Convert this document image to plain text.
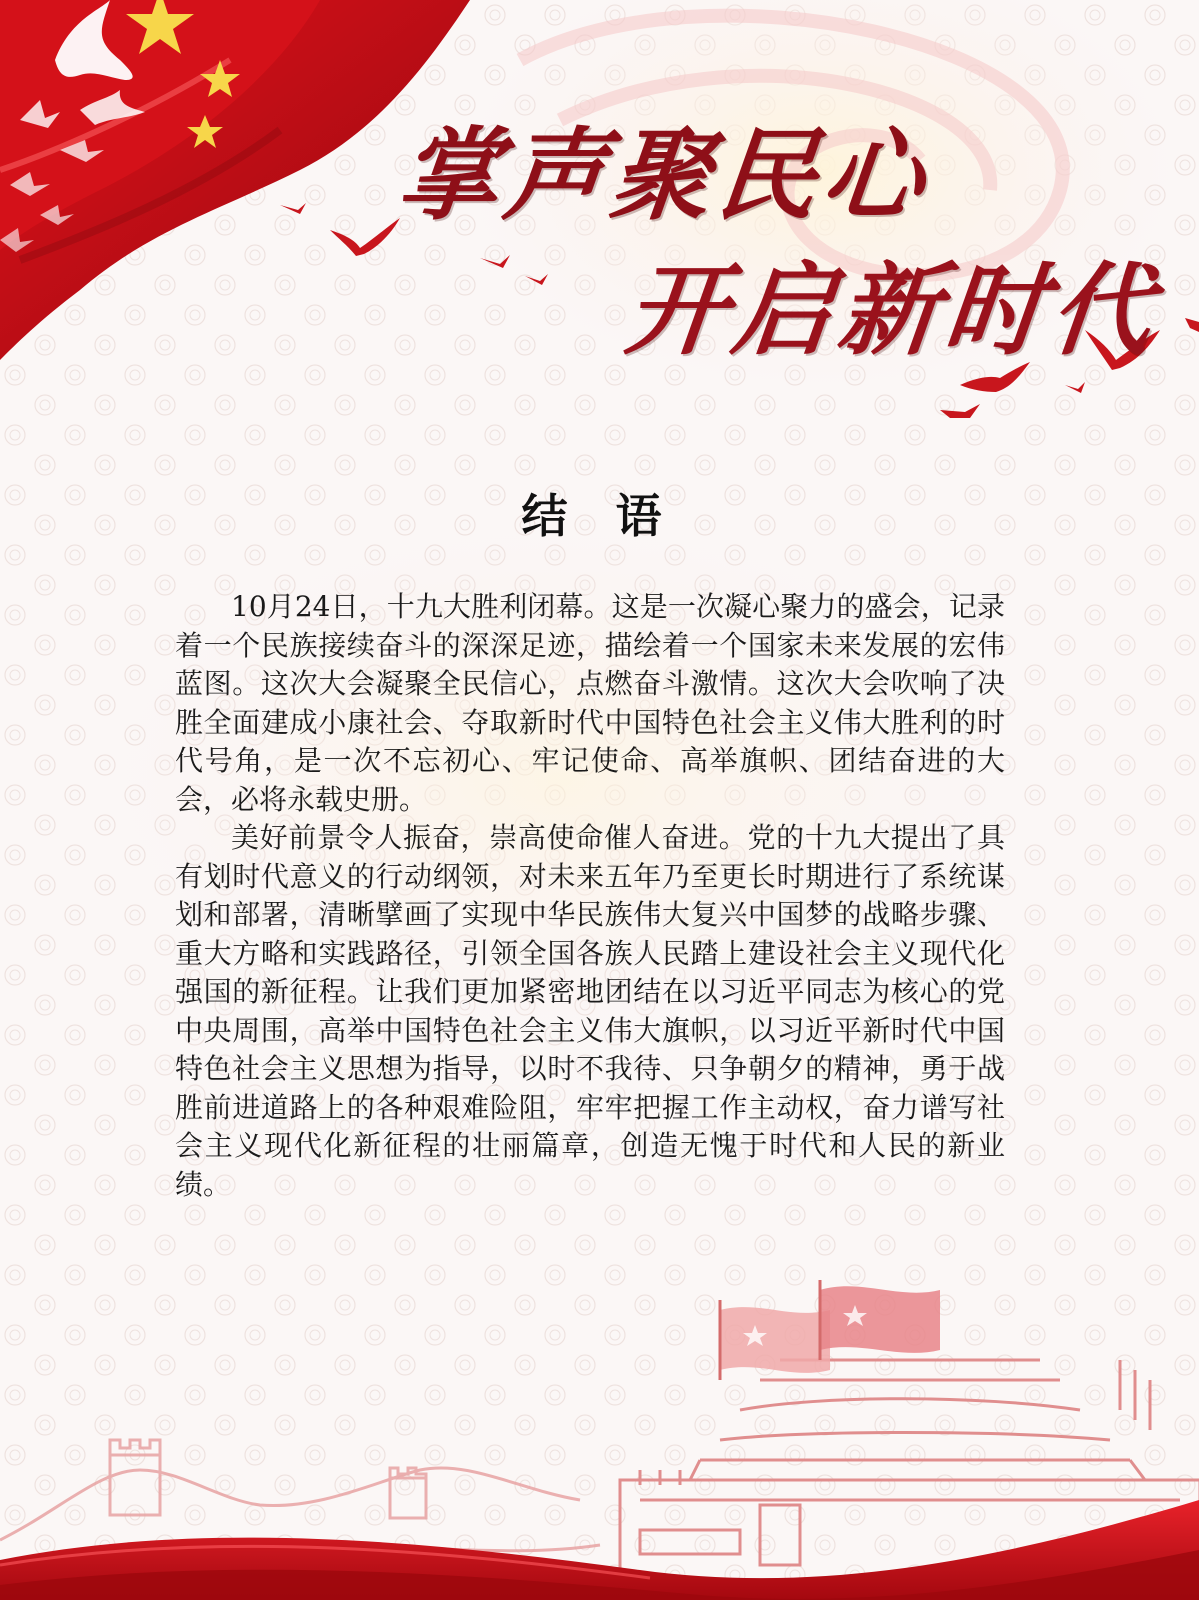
掌声聚民心
开启新时代
结 语

10月24日，十九大胜利闭幕。这是一次凝心聚力的盛会，记录着一个民族接续奋斗的深深足迹，描绘着一个国家未来发展的宏伟蓝图。这次大会凝聚全民信心，点燃奋斗激情。这次大会吹响了决胜全面建成小康社会、夺取新时代中国特色社会主义伟大胜利的时代号角，是一次不忘初心、牢记使命、高举旗帜、团结奋进的大会，必将永载史册。

美好前景令人振奋，崇高使命催人奋进。党的十九大提出了具有划时代意义的行动纲领，对未来五年乃至更长时期进行了系统谋划和部署，清晰擘画了实现中华民族伟大复兴中国梦的战略步骤、重大方略和实践路径，引领全国各族人民踏上建设社会主义现代化强国的新征程。让我们更加紧密地团结在以习近平同志为核心的党中央周围，高举中国特色社会主义伟大旗帜，以习近平新时代中国特色社会主义思想为指导，以时不我待、只争朝夕的精神，勇于战胜前进道路上的各种艰难险阻，牢牢把握工作主动权，奋力谱写社会主义现代化新征程的壮丽篇章，创造无愧于时代和人民的新业绩。
